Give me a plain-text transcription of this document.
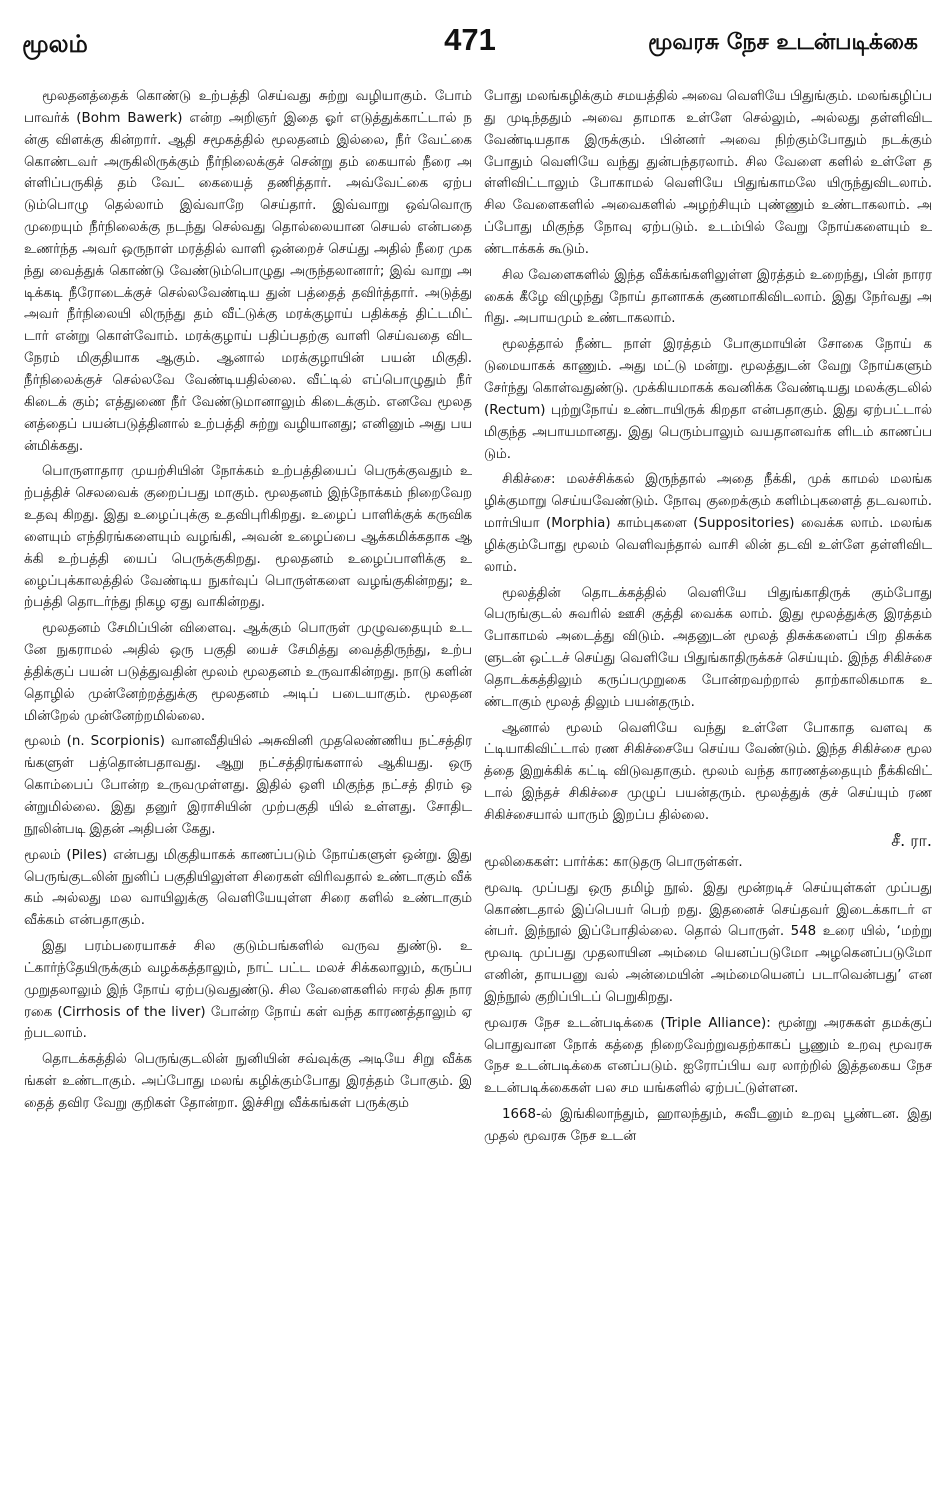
மூலம்	471	மூவரசு நேச உடன்படிக்கை

மூலதனத்தைக் கொண்டு உற்பத்தி செய்வது சுற்று வழியாகும். போம் பாவர்க் (Bohm Bawerk) என்ற அறிஞர் இதை ஓர் எடுத்துக்காட்டால் நன்கு விளக்கு கின்றார். ஆதி சமூகத்தில் மூலதனம் இல்லை, நீர் வேட்கை கொண்டவர் அருகிலிருக்கும் நீர்நிலைக்குச் சென்று தம் கையால் நீரை அள்ளிப்பருகித் தம் வேட் கையைத் தணித்தார். அவ்வேட்கை ஏற்படும்பொழு தெல்லாம் இவ்வாறே செய்தார். இவ்வாறு ஒவ்வொரு முறையும் நீர்நிலைக்கு நடந்து செல்வது தொல்லையான செயல் என்பதை உணர்ந்த அவர் ஒருநாள் மரத்தில் வாளி ஒன்றைச் செய்து அதில் நீரை முகந்து வைத்துக் கொண்டு வேண்டும்பொழுது அருந்தலானார்; இவ் வாறு அடிக்கடி நீரோடைக்குச் செல்லவேண்டிய துன் பத்தைத் தவிர்த்தார். அடுத்து அவர் நீர்நிலையி லிருந்து தம் வீட்டுக்கு மரக்குழாய் பதிக்கத் திட்டமிட் டார் என்று கொள்வோம். மரக்குழாய் பதிப்பதற்கு வாளி செய்வதை விட நேரம் மிகுதியாக ஆகும். ஆனால் மரக்குழாயின் பயன் மிகுதி. நீர்நிலைக்குச் செல்லவே வேண்டியதில்லை. வீட்டில் எப்பொழுதும் நீர் கிடைக் கும்; எத்துணை நீர் வேண்டுமானாலும் கிடைக்கும். எனவே மூலதனத்தைப் பயன்படுத்தினால் உற்பத்தி சுற்று வழியானது; எனினும் அது பயன்மிக்கது.

பொருளாதார முயற்சியின் நோக்கம் உற்பத்தியைப் பெருக்குவதும் உற்பத்திச் செலவைக் குறைப்பது மாகும். மூலதனம் இந்நோக்கம் நிறைவேற உதவு கிறது. இது உழைப்புக்கு உதவிபுரிகிறது. உழைப் பாளிக்குக் கருவிகளையும் எந்திரங்களையும் வழங்கி, அவன் உழைப்பை ஆக்கமிக்கதாக ஆக்கி உற்பத்தி யைப் பெருக்குகிறது. மூலதனம் உழைப்பாளிக்கு உழைப்புக்காலத்தில் வேண்டிய நுகர்வுப் பொருள்களை வழங்குகின்றது; உற்பத்தி தொடர்ந்து நிகழ ஏது வாகின்றது.

மூலதனம் சேமிப்பின் விளைவு. ஆக்கும் பொருள் முழுவதையும் உடனே நுகராமல் அதில் ஒரு பகுதி யைச் சேமித்து வைத்திருந்து, உற்பத்திக்குப் பயன் படுத்துவதின் மூலம் மூலதனம் உருவாகின்றது. நாடு களின் தொழில் முன்னேற்றத்துக்கு மூலதனம் அடிப் படையாகும். மூலதனமின்றேல் முன்னேற்றமில்லை.

மூலம் (n. Scorpionis) வானவீதியில் அசுவினி முதலெண்ணிய நட்சத்திரங்களுள் பத்தொன்பதாவது. ஆறு நட்சத்திரங்களால் ஆகியது. ஒரு கொம்பைப் போன்ற உருவமுள்ளது. இதில் ஒளி மிகுந்த நட்சத் திரம் ஒன்றுமில்லை. இது தனுர் இராசியின் முற்பகுதி யில் உள்ளது. சோதிட நூலின்படி இதன் அதிபன் கேது.

மூலம் (Piles) என்பது மிகுதியாகக் காணப்படும் நோய்களுள் ஒன்று. இது பெருங்குடலின் நுனிப் பகுதியிலுள்ள சிரைகள் விரிவதால் உண்டாகும் வீக் கம் அல்லது மல வாயிலுக்கு வெளியேயுள்ள சிரை களில் உண்டாகும் வீக்கம் என்பதாகும்.

இது பரம்பரையாகச் சில குடும்பங்களில் வருவ துண்டு. உட்கார்ந்தேயிருக்கும் வழக்கத்தாலும், நாட் பட்ட மலச் சிக்கலாலும், கருப்ப முறுதலாலும் இந் நோய் ஏற்படுவதுண்டு. சில வேளைகளில் ஈரல் திசு நாரரகை (Cirrhosis of the liver) போன்ற நோய் கள் வந்த காரணத்தாலும் ஏற்படலாம்.

தொடக்கத்தில் பெருங்குடலின் நுனியின் சவ்வுக்கு அடியே சிறு வீக்கங்கள் உண்டாகும். அப்போது மலங் கழிக்கும்போது இரத்தம் போகும். இதைத் தவிர வேறு குறிகள் தோன்றா. இச்சிறு வீக்கங்கள் பருக்கும்

போது மலங்கழிக்கும் சமயத்தில் அவை வெளியே பிதுங்கும். மலங்கழிப்பது முடிந்ததும் அவை தாமாக உள்ளே செல்லும், அல்லது தள்ளிவிட வேண்டியதாக இருக்கும். பின்னர் அவை நிற்கும்போதும் நடக்கும் போதும் வெளியே வந்து துன்பந்தரலாம். சில வேளை களில் உள்ளே தள்ளிவிட்டாலும் போகாமல் வெளியே பிதுங்காமலே யிருந்துவிடலாம். சில வேளைகளில் அவைகளில் அழற்சியும் புண்ணும் உண்டாகலாம். அப்போது மிகுந்த நோவு ஏற்படும். உடம்பில் வேறு நோய்களையும் உண்டாக்கக் கூடும்.

சில வேளைகளில் இந்த வீக்கங்களிலுள்ள இரத்தம் உறைந்து, பின் நாரரகைக் கீழே விழுந்து நோய் தானாகக் குணமாகிவிடலாம். இது நேர்வது அரிது. அபாயமும் உண்டாகலாம்.

மூலத்தால் நீண்ட நாள் இரத்தம் போகுமாயின் சோகை நோய் கடுமையாகக் காணும். அது மட்டு மன்று. மூலத்துடன் வேறு நோய்களும் சேர்ந்து கொள்வதுண்டு. முக்கியமாகக் கவனிக்க வேண்டியது மலக்குடலில் (Rectum) புற்றுநோய் உண்டாயிருக் கிறதா என்பதாகும். இது ஏற்பட்டால் மிகுந்த அபாயமானது. இது பெரும்பாலும் வயதானவர்க ளிடம் காணப்படும்.

சிகிச்சை: மலச்சிக்கல் இருந்தால் அதை நீக்கி, முக் காமல் மலங்கழிக்குமாறு செய்யவேண்டும். நோவு குறைக்கும் களிம்புகளைத் தடவலாம். மார்பியா (Morphia) காம்புகளை (Suppositories) வைக்க லாம். மலங்கழிக்கும்போது மூலம் வெளிவந்தால் வாசி லின் தடவி உள்ளே தள்ளிவிடலாம்.

மூலத்தின் தொடக்கத்தில் வெளியே பிதுங்காதிருக் கும்போது பெருங்குடல் சுவரில் ஊசி குத்தி வைக்க லாம். இது மூலத்துக்கு இரத்தம் போகாமல் அடைத்து விடும். அதனுடன் மூலத் திசுக்களைப் பிற திசுக்களுடன் ஒட்டச் செய்து வெளியே பிதுங்காதிருக்கச் செய்யும். இந்த சிகிச்சை தொடக்கத்திலும் கருப்பமுறுகை போன்றவற்றால் தாற்காலிகமாக உண்டாகும் மூலத் திலும் பயன்தரும்.

ஆனால் மூலம் வெளியே வந்து உள்ளே போகாத வளவு கட்டியாகிவிட்டால் ரண சிகிச்சையே செய்ய வேண்டும். இந்த சிகிச்சை மூலத்தை இறுக்கிக் கட்டி விடுவதாகும். மூலம் வந்த காரணத்தையும் நீக்கிவிட் டால் இந்தச் சிகிச்சை முழுப் பயன்தரும். மூலத்துக் குச் செய்யும் ரண சிகிச்சையால் யாரும் இறப்ப தில்லை.

சீ. ரா.

மூலிகைகள்: பார்க்க: காடுதரு பொருள்கள்.

மூவடி முப்பது ஒரு தமிழ் நூல். இது மூன்றடிச் செய்யுள்கள் முப்பது கொண்டதால் இப்பெயர் பெற் றது. இதனைச் செய்தவர் இடைக்காடர் என்பர். இந்நூல் இப்போதில்லை. தொல் பொருள். 548 உரை யில், ‘மற்று மூவடி முப்பது முதலாயின அம்மை யெனப்படுமோ அழகெனப்படுமோ எனின், தாயபனு வல் அன்மையின் அம்மையெனப் படாவென்பது’ என இந்நூல் குறிப்பிடப் பெறுகிறது.

மூவரசு நேச உடன்படிக்கை (Triple Alliance): மூன்று அரசுகள் தமக்குப் பொதுவான நோக் கத்தை நிறைவேற்றுவதற்காகப் பூணும் உறவு மூவரசு நேச உடன்படிக்கை எனப்படும். ஐரோப்பிய வர லாற்றில் இத்தகைய நேச உடன்படிக்கைகள் பல சம யங்களில் ஏற்பட்டுள்ளன.

1668-ல் இங்கிலாந்தும், ஹாலந்தும், சுவீடனும் உறவு பூண்டன. இது முதல் மூவரசு நேச உடன்
